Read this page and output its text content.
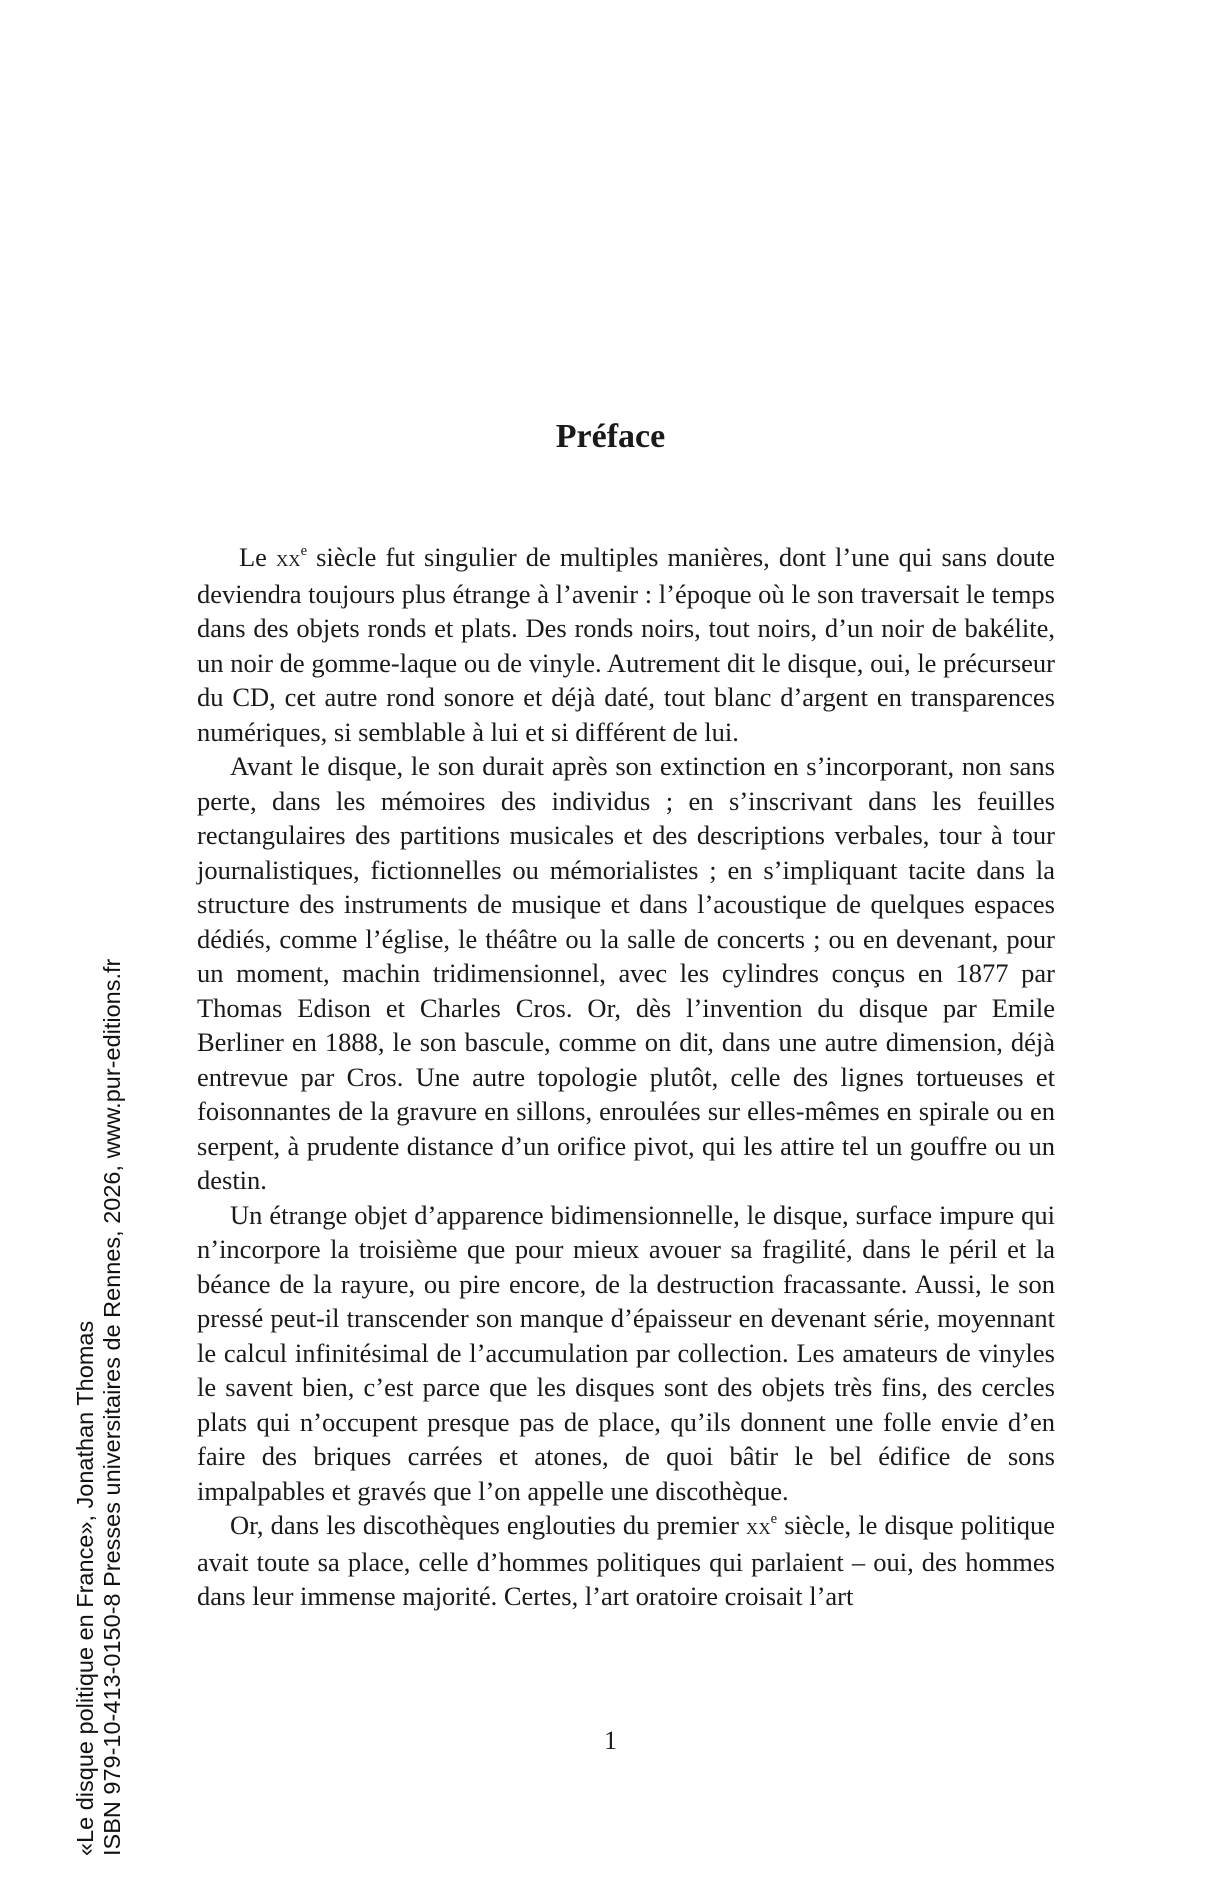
Préface

Le $xx^e$ siècle fut singulier de multiples manières, dont l’une qui sans doute deviendra toujours plus étrange à l’avenir : l’époque où le son traversait le temps dans des objets ronds et plats. Des ronds noirs, tout noirs, d’un noir de bakélite, un noir de gomme-laque ou de vinyle. Autrement dit le disque, oui, le précurseur du CD, cet autre rond sonore et déjà daté, tout blanc d’argent en transparences numériques, si semblable à lui et si différent de lui.

Avant le disque, le son durait après son extinction en s’incorporant, non sans perte, dans les mémoires des individus ; en s’inscrivant dans les feuilles rectangulaires des partitions musicales et des descriptions verbales, tour à tour journalistiques, fictionnelles ou mémorialistes ; en s’impliquant tacite dans la structure des instruments de musique et dans l’acoustique de quelques espaces dédiés, comme l’église, le théâtre ou la salle de concerts ; ou en devenant, pour un moment, machin tridimensionnel, avec les cylindres conçus en 1877 par Thomas Edison et Charles Cros. Or, dès l’invention du disque par Emile Berliner en 1888, le son bascule, comme on dit, dans une autre dimension, déjà entrevue par Cros. Une autre topologie plutôt, celle des lignes tortueuses et foisonnantes de la gravure en sillons, enroulées sur elles-mêmes en spirale ou en serpent, à prudente distance d’un orifice pivot, qui les attire tel un gouffre ou un destin.

Un étrange objet d’apparence bidimensionnelle, le disque, surface impure qui n’incorpore la troisième que pour mieux avouer sa fragilité, dans le péril et la béance de la rayure, ou pire encore, de la destruction fracassante. Aussi, le son pressé peut-il transcender son manque d’épaisseur en devenant série, moyennant le calcul infinitésimal de l’accumulation par collection. Les amateurs de vinyles le savent bien, c’est parce que les disques sont des objets très fins, des cercles plats qui n’occupent presque pas de place, qu’ils donnent une folle envie d’en faire des briques carrées et atones, de quoi bâtir le bel édifice de sons impalpables et gravés que l’on appelle une discothèque.

Or, dans les discothèques englouties du premier $xx^e$ siècle, le disque politique avait toute sa place, celle d’hommes politiques qui parlaient – oui, des hommes dans leur immense majorité. Certes, l’art oratoire croisait l’art

1
«Le disque politique en France», Jonathan Thomas ISBN 979-10-413-0150-8 Presses universitaires de Rennes, 2026, www.pur-editions.fr
